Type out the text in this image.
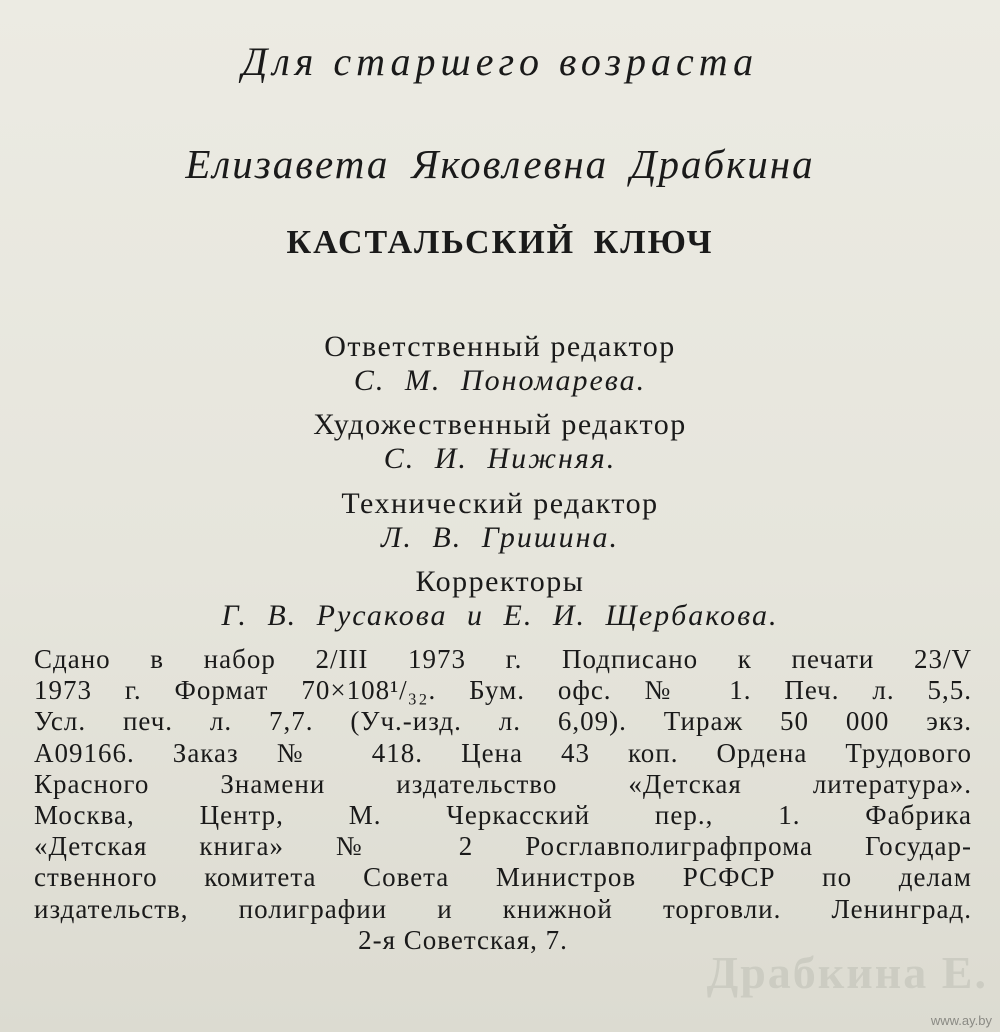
Для старшего возраста
Елизавета Яковлевна Драбкина
КАСТАЛЬСКИЙ КЛЮЧ
Ответственный редактор
С. М. Пономарева.
Художественный редактор
С. И. Нижняя.
Технический редактор
Л. В. Гришина.
Корректоры
Г. В. Русакова и Е. И. Щербакова.
Сдано в набор 2/III 1973 г. Подписано к печати 23/V
1973 г. Формат 70×108¹/₃₂. Бум. офс. № 1. Печ. л. 5,5.
Усл. печ. л. 7,7. (Уч.-изд. л. 6,09). Тираж 50 000 экз.
А09166. Заказ № 418. Цена 43 коп. Ордена Трудового
Красного Знамени издательство «Детская литература».
Москва, Центр, М. Черкасский пер., 1. Фабрика
«Детская книга» № 2 Росглавполиграфпрома Государ-
ственного комитета Совета Министров РСФСР по делам
издательств, полиграфии и книжной торговли. Ленинград.
2-я Советская, 7.
Драбкина Е.
www.ay.by
